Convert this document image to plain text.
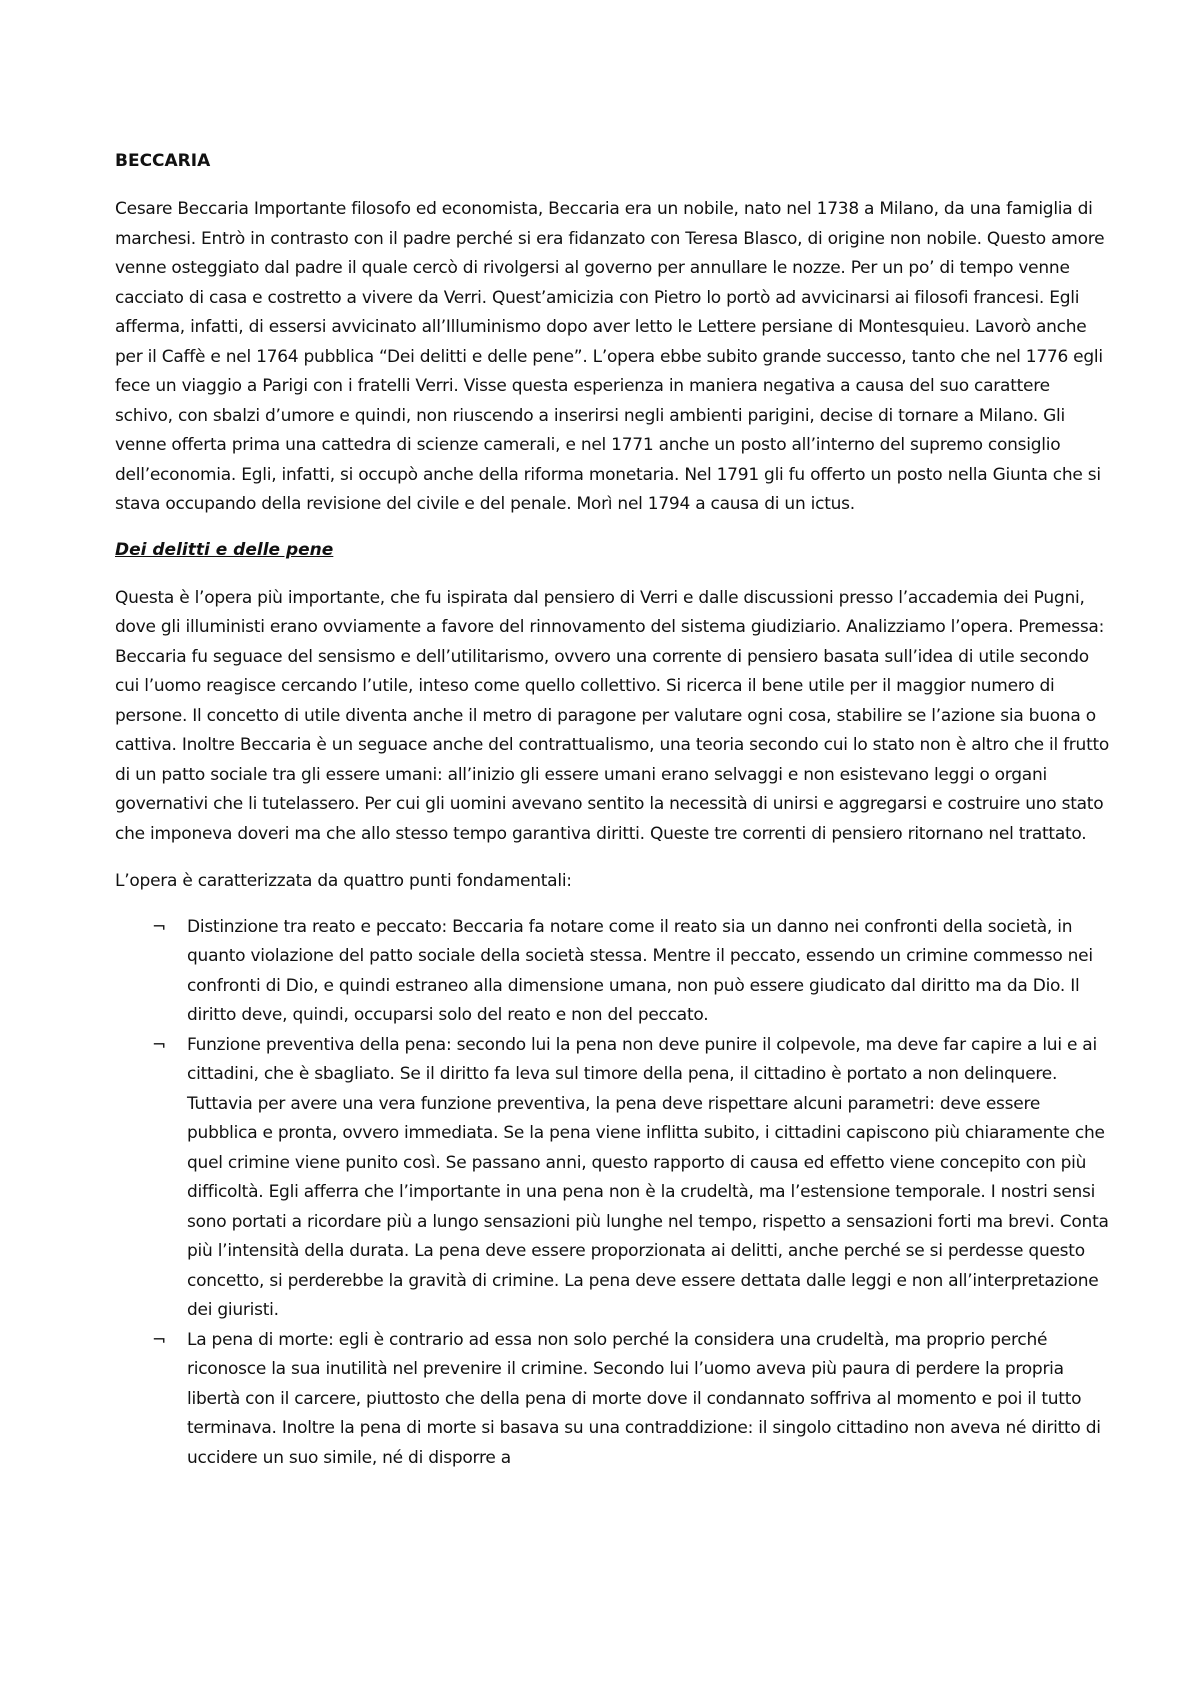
BECCARIA

Cesare Beccaria Importante filosofo ed economista, Beccaria era un nobile, nato nel 1738 a Milano, da una famiglia di marchesi. Entrò in contrasto con il padre perché si era fidanzato con Teresa Blasco, di origine non nobile. Questo amore venne osteggiato dal padre il quale cercò di rivolgersi al governo per annullare le nozze. Per un po’ di tempo venne cacciato di casa e costretto a vivere da Verri. Quest’amicizia con Pietro lo portò ad avvicinarsi ai filosofi francesi. Egli afferma, infatti, di essersi avvicinato all’Illuminismo dopo aver letto le Lettere persiane di Montesquieu. Lavorò anche per il Caffè e nel 1764 pubblica “Dei delitti e delle pene”. L’opera ebbe subito grande successo, tanto che nel 1776 egli fece un viaggio a Parigi con i fratelli Verri. Visse questa esperienza in maniera negativa a causa del suo carattere schivo, con sbalzi d’umore e quindi, non riuscendo a inserirsi negli ambienti parigini, decise di tornare a Milano. Gli venne offerta prima una cattedra di scienze camerali, e nel 1771 anche un posto all’interno del supremo consiglio dell’economia. Egli, infatti, si occupò anche della riforma monetaria. Nel 1791 gli fu offerto un posto nella Giunta che si stava occupando della revisione del civile e del penale. Morì nel 1794 a causa di un ictus.

Dei delitti e delle pene

Questa è l’opera più importante, che fu ispirata dal pensiero di Verri e dalle discussioni presso l’accademia dei Pugni, dove gli illuministi erano ovviamente a favore del rinnovamento del sistema giudiziario. Analizziamo l’opera. Premessa: Beccaria fu seguace del sensismo e dell’utilitarismo, ovvero una corrente di pensiero basata sull’idea di utile secondo cui l’uomo reagisce cercando l’utile, inteso come quello collettivo. Si ricerca il bene utile per il maggior numero di persone. Il concetto di utile diventa anche il metro di paragone per valutare ogni cosa, stabilire se l’azione sia buona o cattiva. Inoltre Beccaria è un seguace anche del contrattualismo, una teoria secondo cui lo stato non è altro che il frutto di un patto sociale tra gli essere umani: all’inizio gli essere umani erano selvaggi e non esistevano leggi o organi governativi che li tutelassero. Per cui gli uomini avevano sentito la necessità di unirsi e aggregarsi e costruire uno stato che imponeva doveri ma che allo stesso tempo garantiva diritti. Queste tre correnti di pensiero ritornano nel trattato.

L’opera è caratterizzata da quattro punti fondamentali:

¬ Distinzione tra reato e peccato: Beccaria fa notare come il reato sia un danno nei confronti della società, in quanto violazione del patto sociale della società stessa. Mentre il peccato, essendo un crimine commesso nei confronti di Dio, e quindi estraneo alla dimensione umana, non può essere giudicato dal diritto ma da Dio. Il diritto deve, quindi, occuparsi solo del reato e non del peccato.
¬ Funzione preventiva della pena: secondo lui la pena non deve punire il colpevole, ma deve far capire a lui e ai cittadini, che è sbagliato. Se il diritto fa leva sul timore della pena, il cittadino è portato a non delinquere. Tuttavia per avere una vera funzione preventiva, la pena deve rispettare alcuni parametri: deve essere pubblica e pronta, ovvero immediata. Se la pena viene inflitta subito, i cittadini capiscono più chiaramente che quel crimine viene punito così. Se passano anni, questo rapporto di causa ed effetto viene concepito con più difficoltà. Egli afferra che l’importante in una pena non è la crudeltà, ma l’estensione temporale. I nostri sensi sono portati a ricordare più a lungo sensazioni più lunghe nel tempo, rispetto a sensazioni forti ma brevi. Conta più l’intensità della durata. La pena deve essere proporzionata ai delitti, anche perché se si perdesse questo concetto, si perderebbe la gravità di crimine. La pena deve essere dettata dalle leggi e non all’interpretazione dei giuristi.
¬ La pena di morte: egli è contrario ad essa non solo perché la considera una crudeltà, ma proprio perché riconosce la sua inutilità nel prevenire il crimine. Secondo lui l’uomo aveva più paura di perdere la propria libertà con il carcere, piuttosto che della pena di morte dove il condannato soffriva al momento e poi il tutto terminava. Inoltre la pena di morte si basava su una contraddizione: il singolo cittadino non aveva né diritto di uccidere un suo simile, né di disporre a
